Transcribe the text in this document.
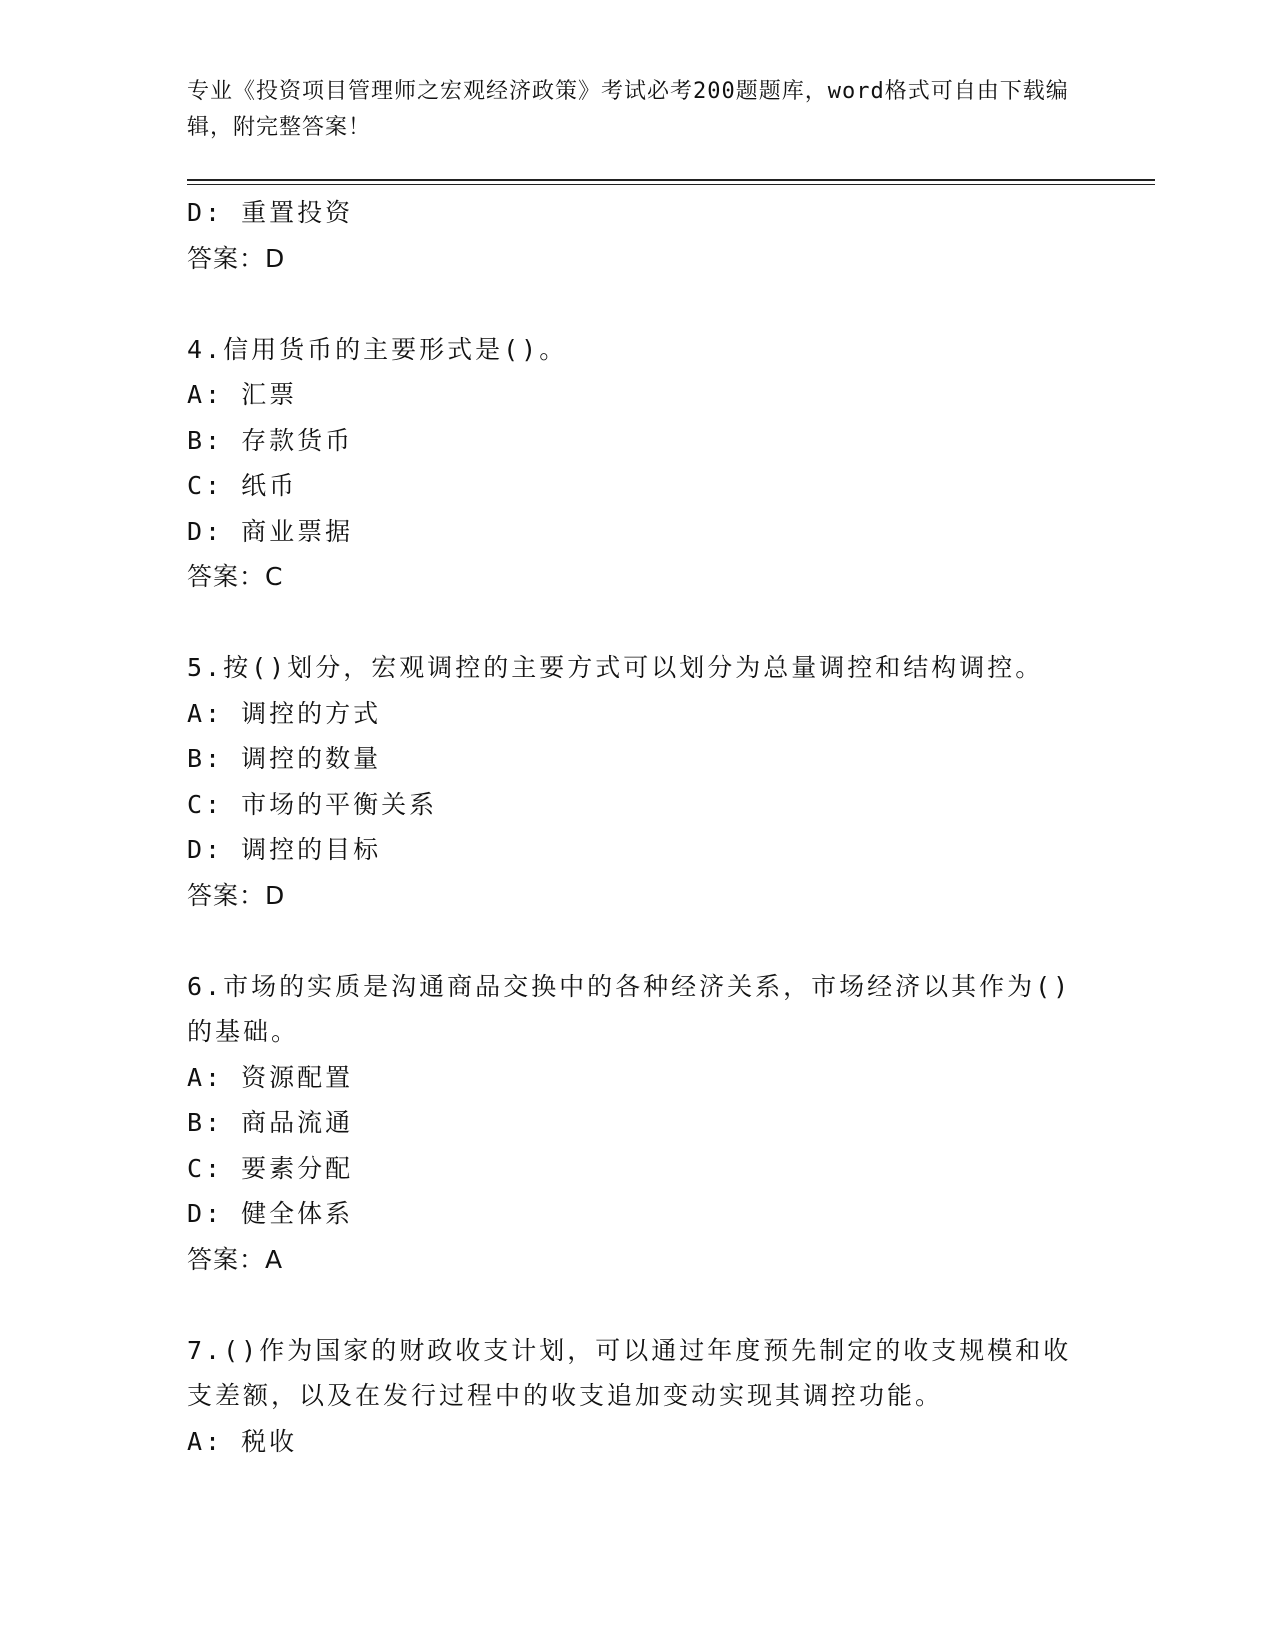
专业《投资项目管理师之宏观经济政策》考试必考200题题库，word格式可自由下载编辑，附完整答案！
D: 重置投资
答案：D
4.信用货币的主要形式是()。
A: 汇票
B: 存款货币
C: 纸币
D: 商业票据
答案：C
5.按()划分，宏观调控的主要方式可以划分为总量调控和结构调控。
A: 调控的方式
B: 调控的数量
C: 市场的平衡关系
D: 调控的目标
答案：D
6.市场的实质是沟通商品交换中的各种经济关系，市场经济以其作为()的基础。
A: 资源配置
B: 商品流通
C: 要素分配
D: 健全体系
答案：A
7.()作为国家的财政收支计划，可以通过年度预先制定的收支规模和收支差额，以及在发行过程中的收支追加变动实现其调控功能。
A: 税收
